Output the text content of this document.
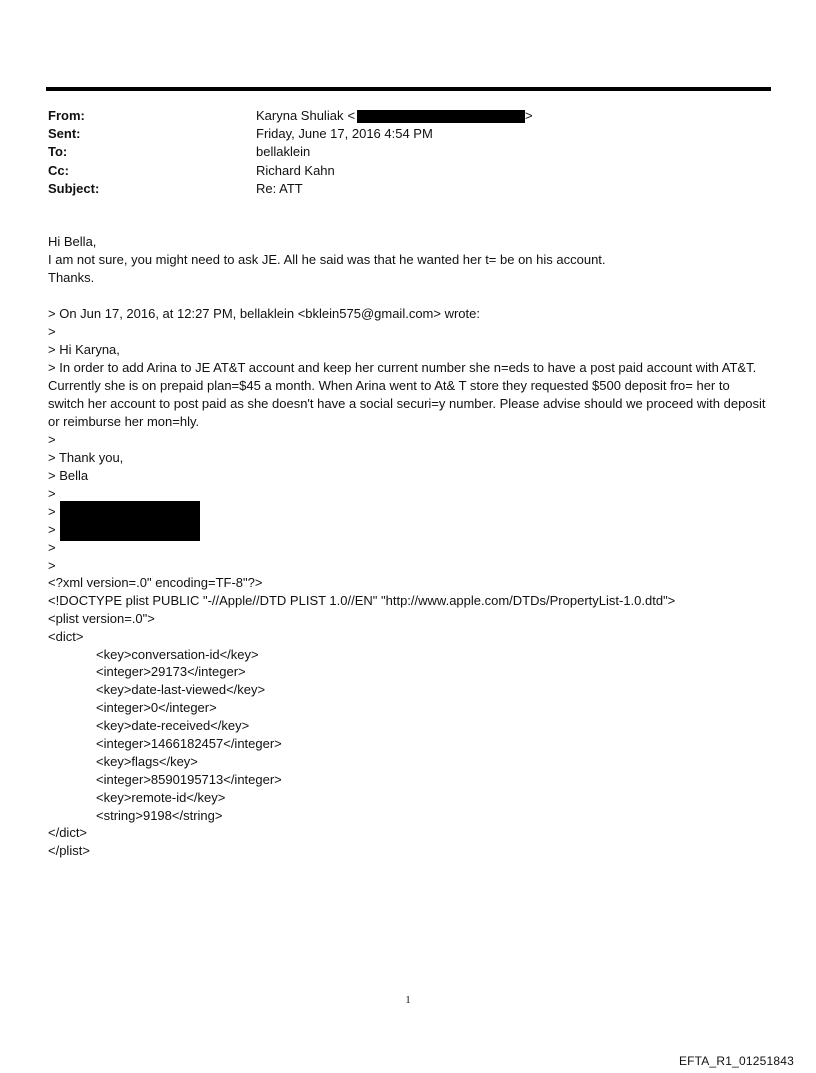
From:	Karyna Shuliak <	>
Sent:	Friday, June 17, 2016 4:54 PM
To:	bellaklein
Cc:	Richard Kahn
Subject:	Re: ATT
Hi Bella,
I am not sure, you might need to ask JE. All he said was that he wanted her t= be on his account.
Thanks.
> On Jun 17, 2016, at 12:27 PM, bellaklein <bklein575@gmail.com> wrote:
>
> Hi Karyna,
> In order to add Arina to JE AT&T account and keep her current number she n=eds to have a post paid account with AT&T. Currently she is on prepaid plan=$45 a month. When Arina went to At& T store they requested $500 deposit fro= her to switch her account to post paid as she doesn't have a social securi=y number. Please advise should we proceed with deposit or reimburse her mon=hly.
>
> Thank you,
> Bella
>
>
>
>
>
<?xml version=.0" encoding=TF-8"?>
<!DOCTYPE plist PUBLIC "-//Apple//DTD PLIST 1.0//EN" "http://www.apple.com/DTDs/PropertyList-1.0.dtd">
<plist version=.0">
<dict>
<key>conversation-id</key>
<integer>29173</integer>
<key>date-last-viewed</key>
<integer>0</integer>
<key>date-received</key>
<integer>1466182457</integer>
<key>flags</key>
<integer>8590195713</integer>
<key>remote-id</key>
<string>9198</string>
</dict>
</plist>
1
EFTA_R1_01251843
